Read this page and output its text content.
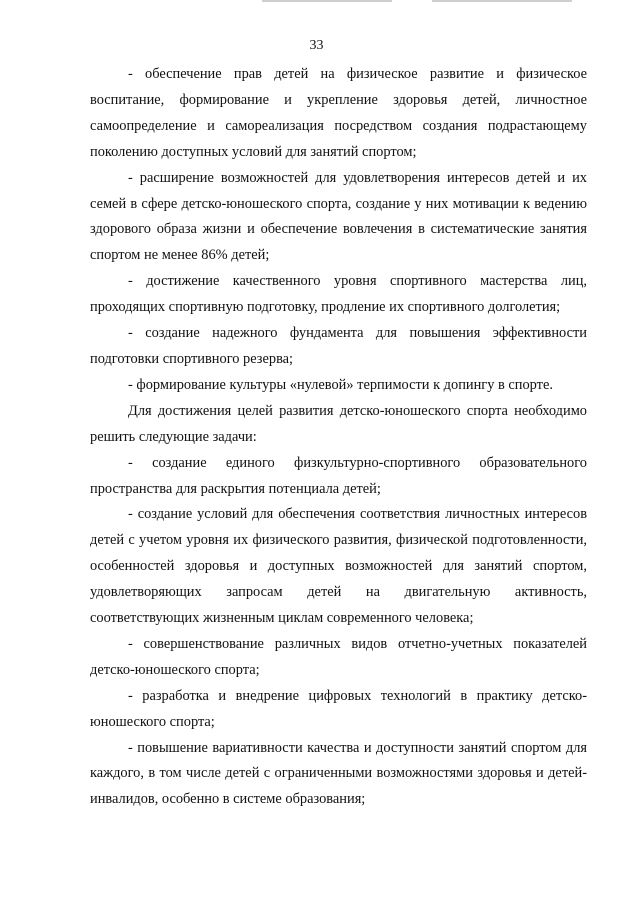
33

- обеспечение прав детей на физическое развитие и физическое воспитание, формирование и укрепление здоровья детей, личностное самоопределение и самореализация посредством создания подрастающему поколению доступных условий для занятий спортом;

- расширение возможностей для удовлетворения интересов детей и их семей в сфере детско-юношеского спорта, создание у них мотивации к ведению здорового образа жизни и обеспечение вовлечения в систематические занятия спортом не менее 86% детей;

- достижение качественного уровня спортивного мастерства лиц, проходящих спортивную подготовку, продление их спортивного долголетия;

- создание надежного фундамента для повышения эффективности подготовки спортивного резерва;

- формирование культуры «нулевой» терпимости к допингу в спорте.

Для достижения целей развития детско-юношеского спорта необходимо решить следующие задачи:

- создание единого физкультурно-спортивного образовательного пространства для раскрытия потенциала детей;

- создание условий для обеспечения соответствия личностных интересов детей с учетом уровня их физического развития, физической подготовленности, особенностей здоровья и доступных возможностей для занятий спортом, удовлетворяющих запросам детей на двигательную активность, соответствующих жизненным циклам современного человека;

- совершенствование различных видов отчетно-учетных показателей детско-юношеского спорта;

- разработка и внедрение цифровых технологий в практику детско-юношеского спорта;

- повышение вариативности качества и доступности занятий спортом для каждого, в том числе детей с ограниченными возможностями здоровья и детей-инвалидов, особенно в системе образования;
